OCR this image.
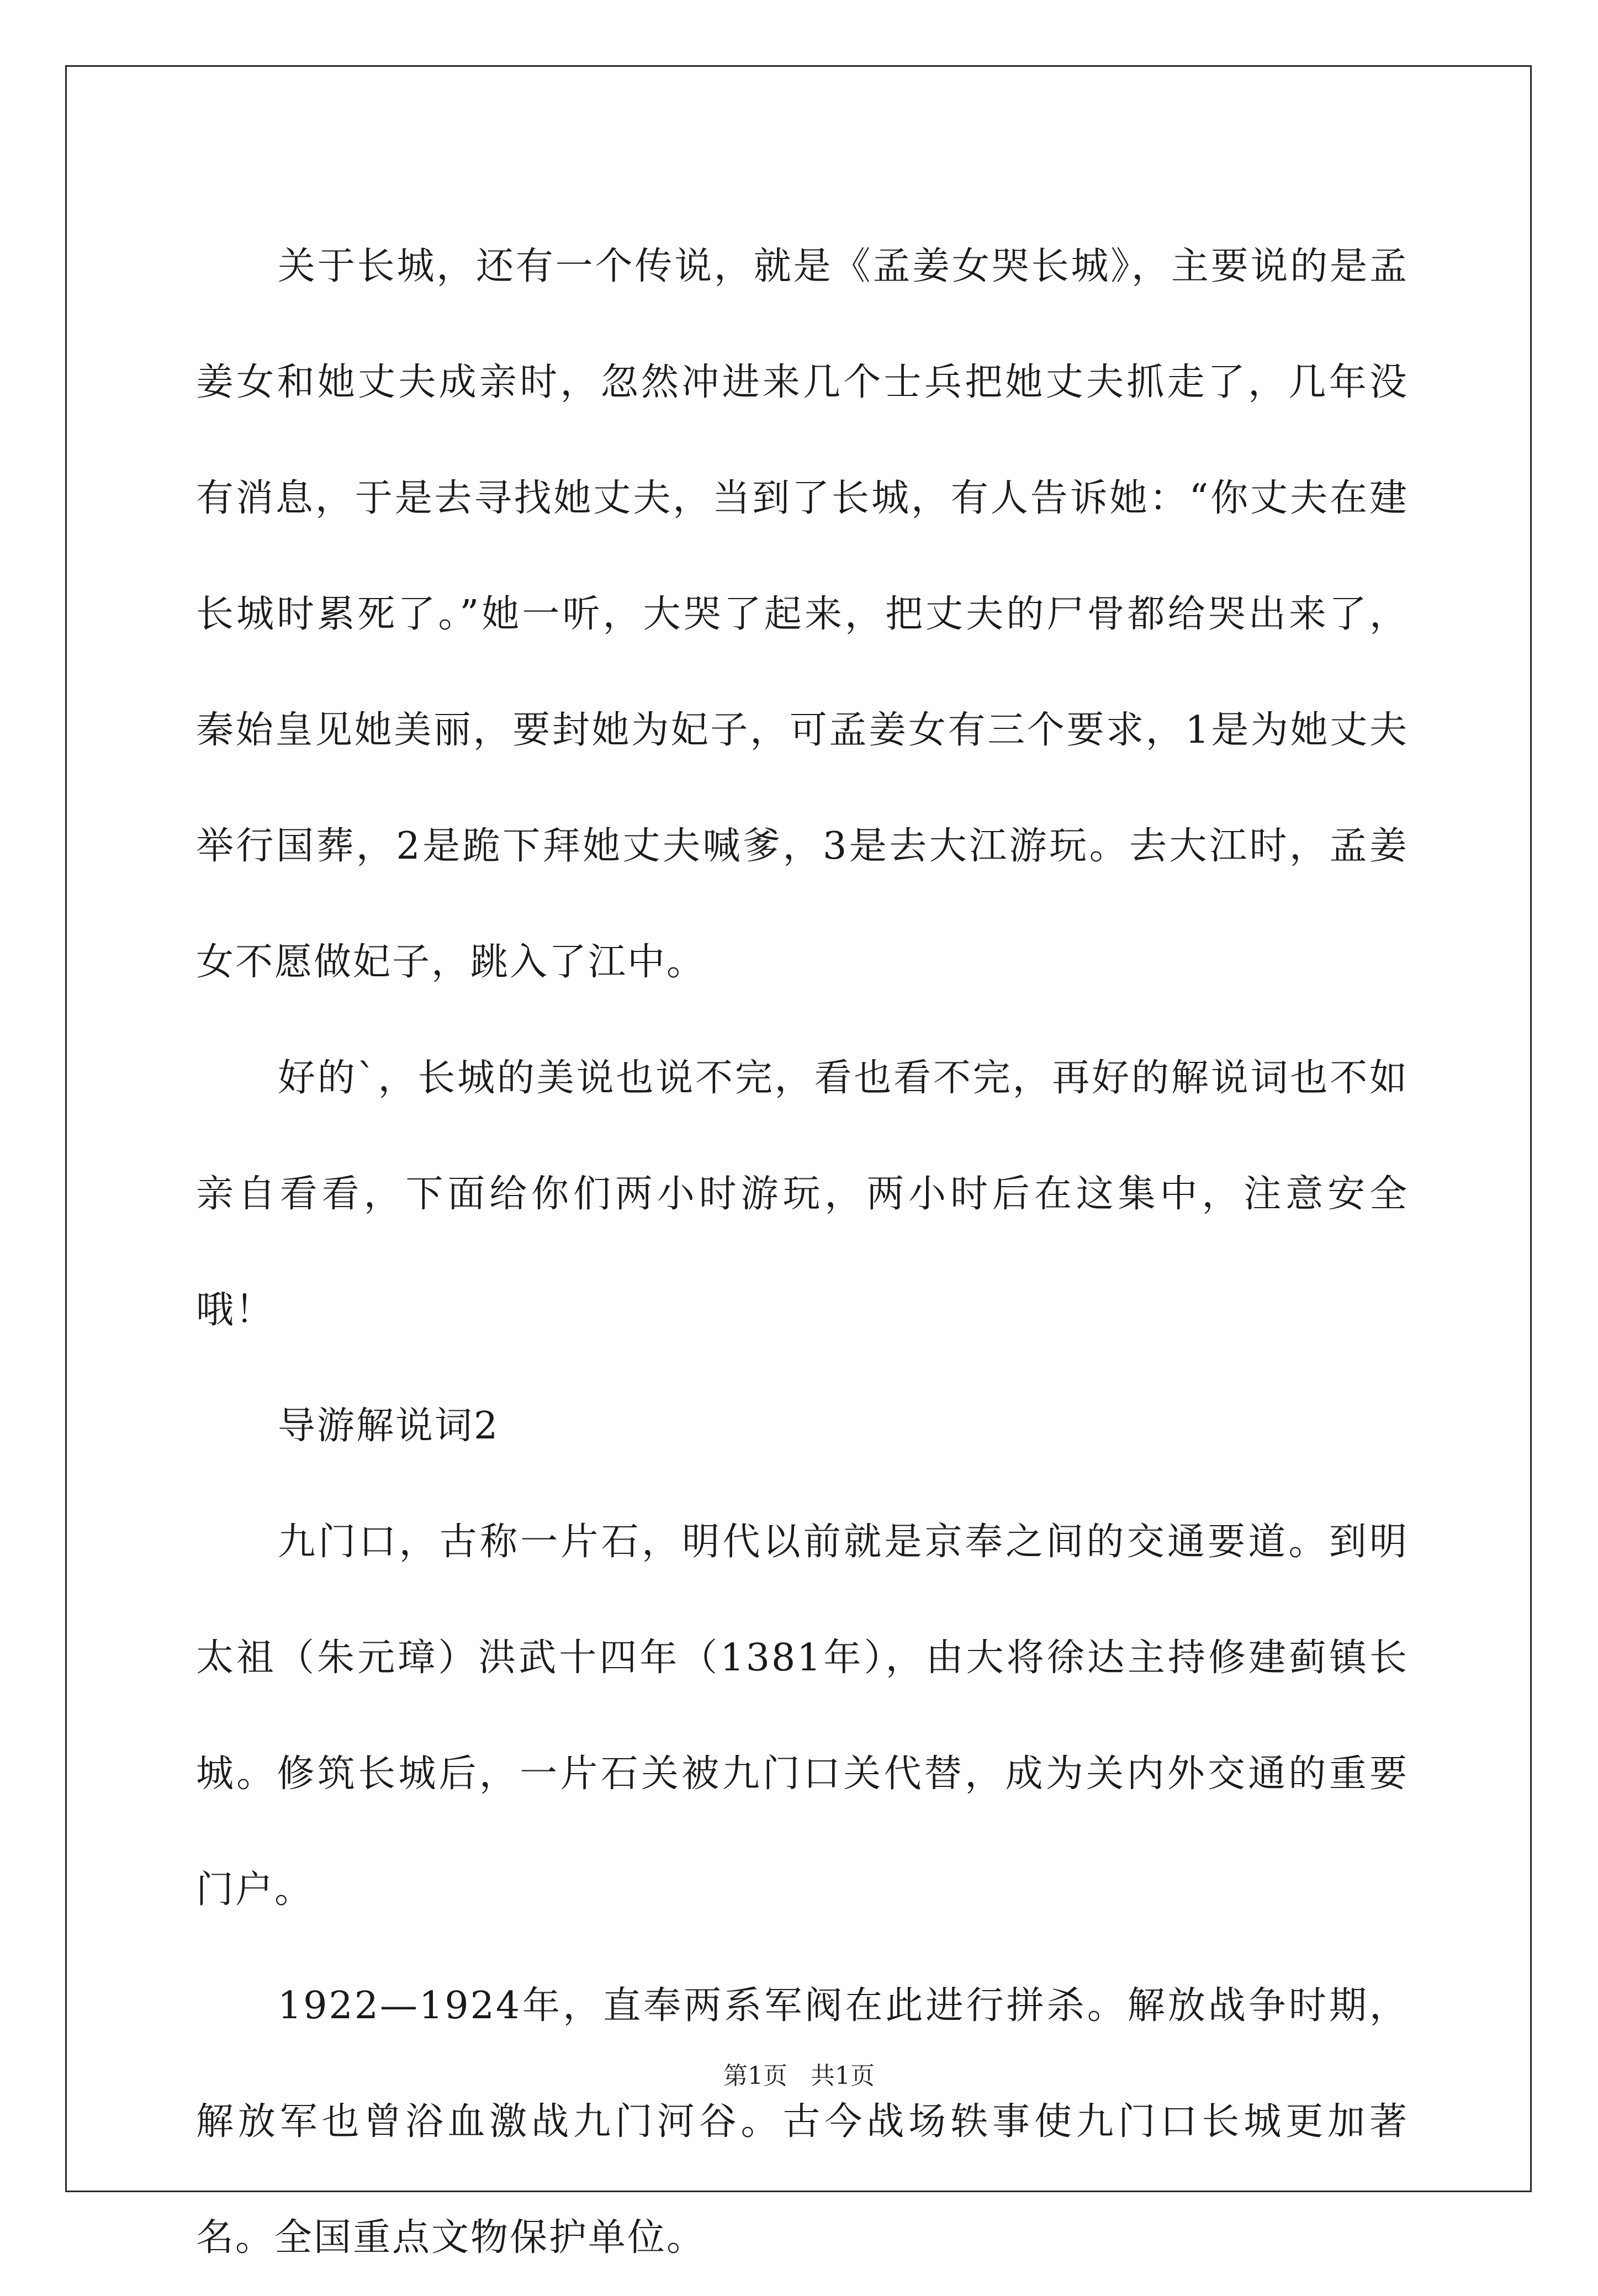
关于长城，还有一个传说，就是《孟姜女哭长城》，主要说的是孟姜女和她丈夫成亲时，忽然冲进来几个士兵把她丈夫抓走了，几年没有消息，于是去寻找她丈夫，当到了长城，有人告诉她：“你丈夫在建长城时累死了。”她一听，大哭了起来，把丈夫的尸骨都给哭出来了，秦始皇见她美丽，要封她为妃子，可孟姜女有三个要求，1是为她丈夫举行国葬，2是跪下拜她丈夫喊爹，3是去大江游玩。去大江时，孟姜女不愿做妃子，跳入了江中。

好的`，长城的美说也说不完，看也看不完，再好的解说词也不如亲自看看，下面给你们两小时游玩，两小时后在这集中，注意安全哦！

导游解说词2

九门口，古称一片石，明代以前就是京奉之间的交通要道。到明太祖（朱元璋）洪武十四年（1381年），由大将徐达主持修建蓟镇长城。修筑长城后，一片石关被九门口关代替，成为关内外交通的重要门户。

1922—1924年，直奉两系军阀在此进行拼杀。解放战争时期，解放军也曾浴血激战九门河谷。古今战场轶事使九门口长城更加著名。全国重点文物保护单位。

第1页   共1页
